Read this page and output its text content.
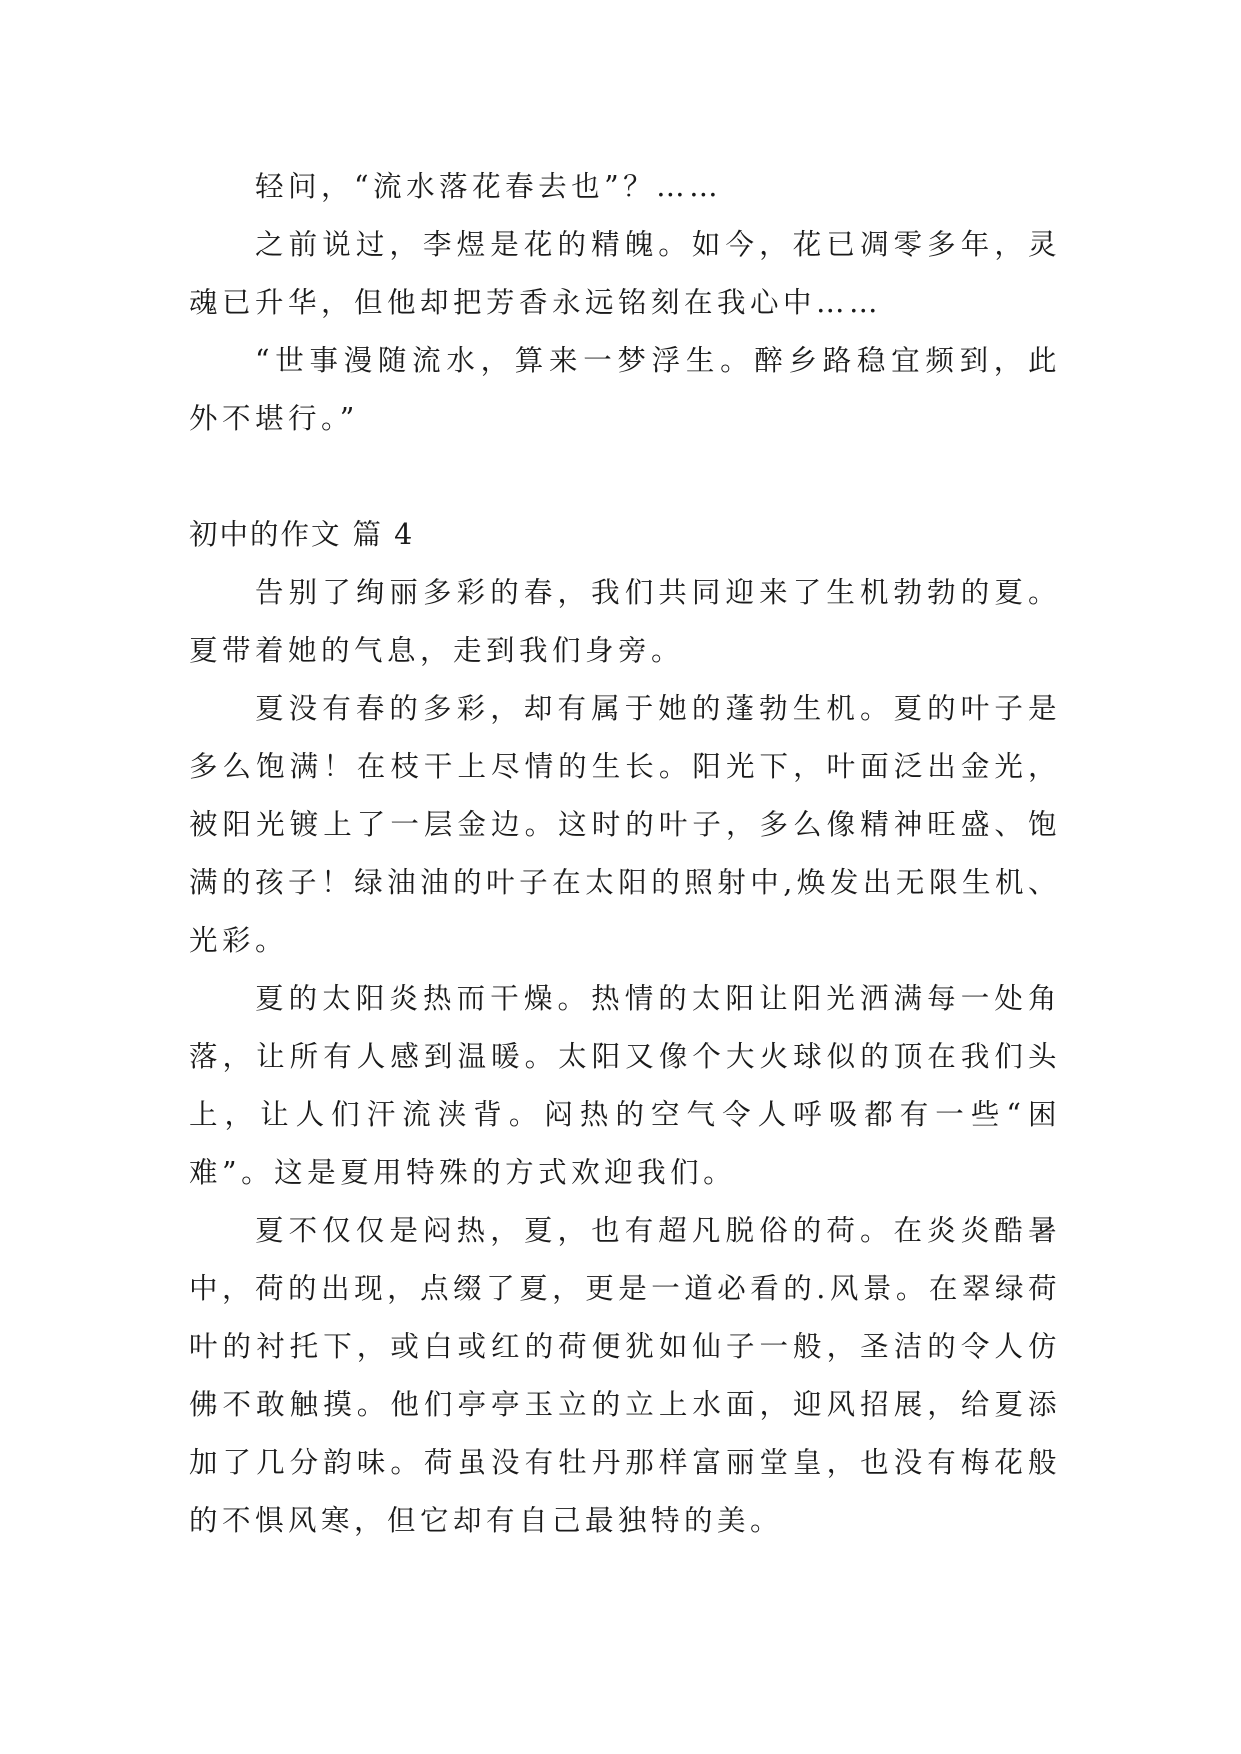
轻问，“流水落花春去也”？……

之前说过，李煜是花的精魄。如今，花已凋零多年，灵魂已升华，但他却把芳香永远铭刻在我心中……

“世事漫随流水，算来一梦浮生。醉乡路稳宜频到，此外不堪行。”

初中的作文 篇 4

告别了绚丽多彩的春，我们共同迎来了生机勃勃的夏。夏带着她的气息，走到我们身旁。

夏没有春的多彩，却有属于她的蓬勃生机。夏的叶子是多么饱满！在枝干上尽情的生长。阳光下，叶面泛出金光，被阳光镀上了一层金边。这时的叶子，多么像精神旺盛、饱满的孩子！绿油油的叶子在太阳的照射中,焕发出无限生机、光彩。

夏的太阳炎热而干燥。热情的太阳让阳光洒满每一处角落，让所有人感到温暖。太阳又像个大火球似的顶在我们头上，让人们汗流浃背。闷热的空气令人呼吸都有一些“困难”。这是夏用特殊的方式欢迎我们。

夏不仅仅是闷热，夏，也有超凡脱俗的荷。在炎炎酷暑中，荷的出现，点缀了夏，更是一道必看的.风景。在翠绿荷叶的衬托下，或白或红的荷便犹如仙子一般，圣洁的令人仿佛不敢触摸。他们亭亭玉立的立上水面，迎风招展，给夏添加了几分韵味。荷虽没有牡丹那样富丽堂皇，也没有梅花般的不惧风寒，但它却有自己最独特的美。
